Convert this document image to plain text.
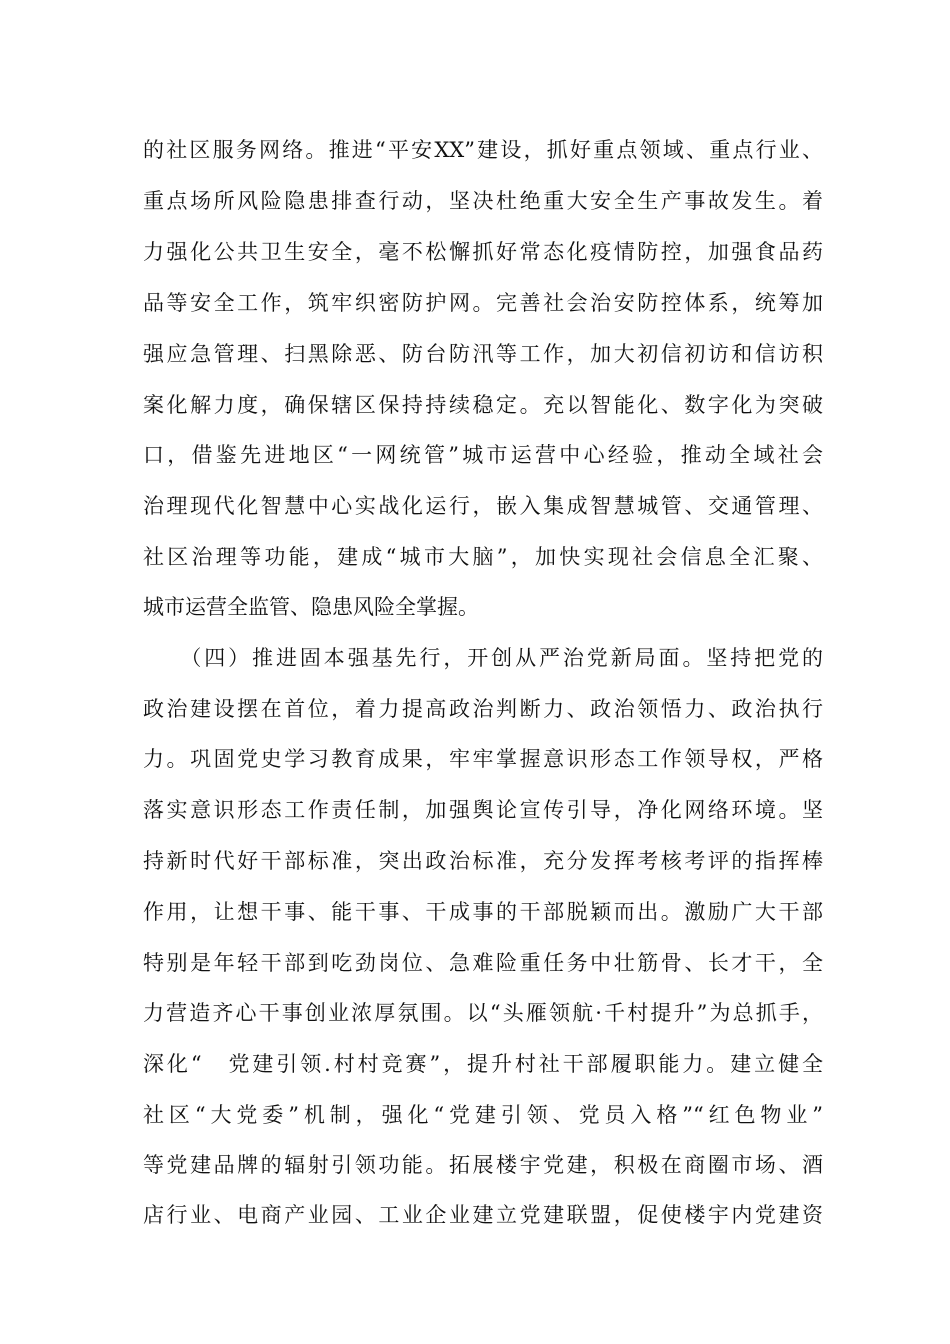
的社区服务网络。推进“平安XX”建设，抓好重点领域、重点行业、
重点场所风险隐患排查行动，坚决杜绝重大安全生产事故发生。着
力强化公共卫生安全，毫不松懈抓好常态化疫情防控，加强食品药
品等安全工作，筑牢织密防护网。完善社会治安防控体系，统筹加
强应急管理、扫黑除恶、防台防汛等工作，加大初信初访和信访积
案化解力度，确保辖区保持持续稳定。充以智能化、数字化为突破
口，借鉴先进地区“一网统管”城市运营中心经验，推动全域社会
治理现代化智慧中心实战化运行，嵌入集成智慧城管、交通管理、
社区治理等功能，建成“城市大脑”，加快实现社会信息全汇聚、
城市运营全监管、隐患风险全掌握。
　　（四）推进固本强基先行，开创从严治党新局面。坚持把党的
政治建设摆在首位，着力提高政治判断力、政治领悟力、政治执行
力。巩固党史学习教育成果，牢牢掌握意识形态工作领导权，严格
落实意识形态工作责任制，加强舆论宣传引导，净化网络环境。坚
持新时代好干部标准，突出政治标准，充分发挥考核考评的指挥棒
作用，让想干事、能干事、干成事的干部脱颖而出。激励广大干部
特别是年轻干部到吃劲岗位、急难险重任务中壮筋骨、长才干，全
力营造齐心干事创业浓厚氛围。以“头雁领航·千村提升”为总抓手，
深化“　党建引领.村村竞赛”，提升村社干部履职能力。建立健全
社区“大党委”机制，强化“党建引领、党员入格”“红色物业”
等党建品牌的辐射引领功能。拓展楼宇党建，积极在商圈市场、酒
店行业、电商产业园、工业企业建立党建联盟，促使楼宇内党建资
